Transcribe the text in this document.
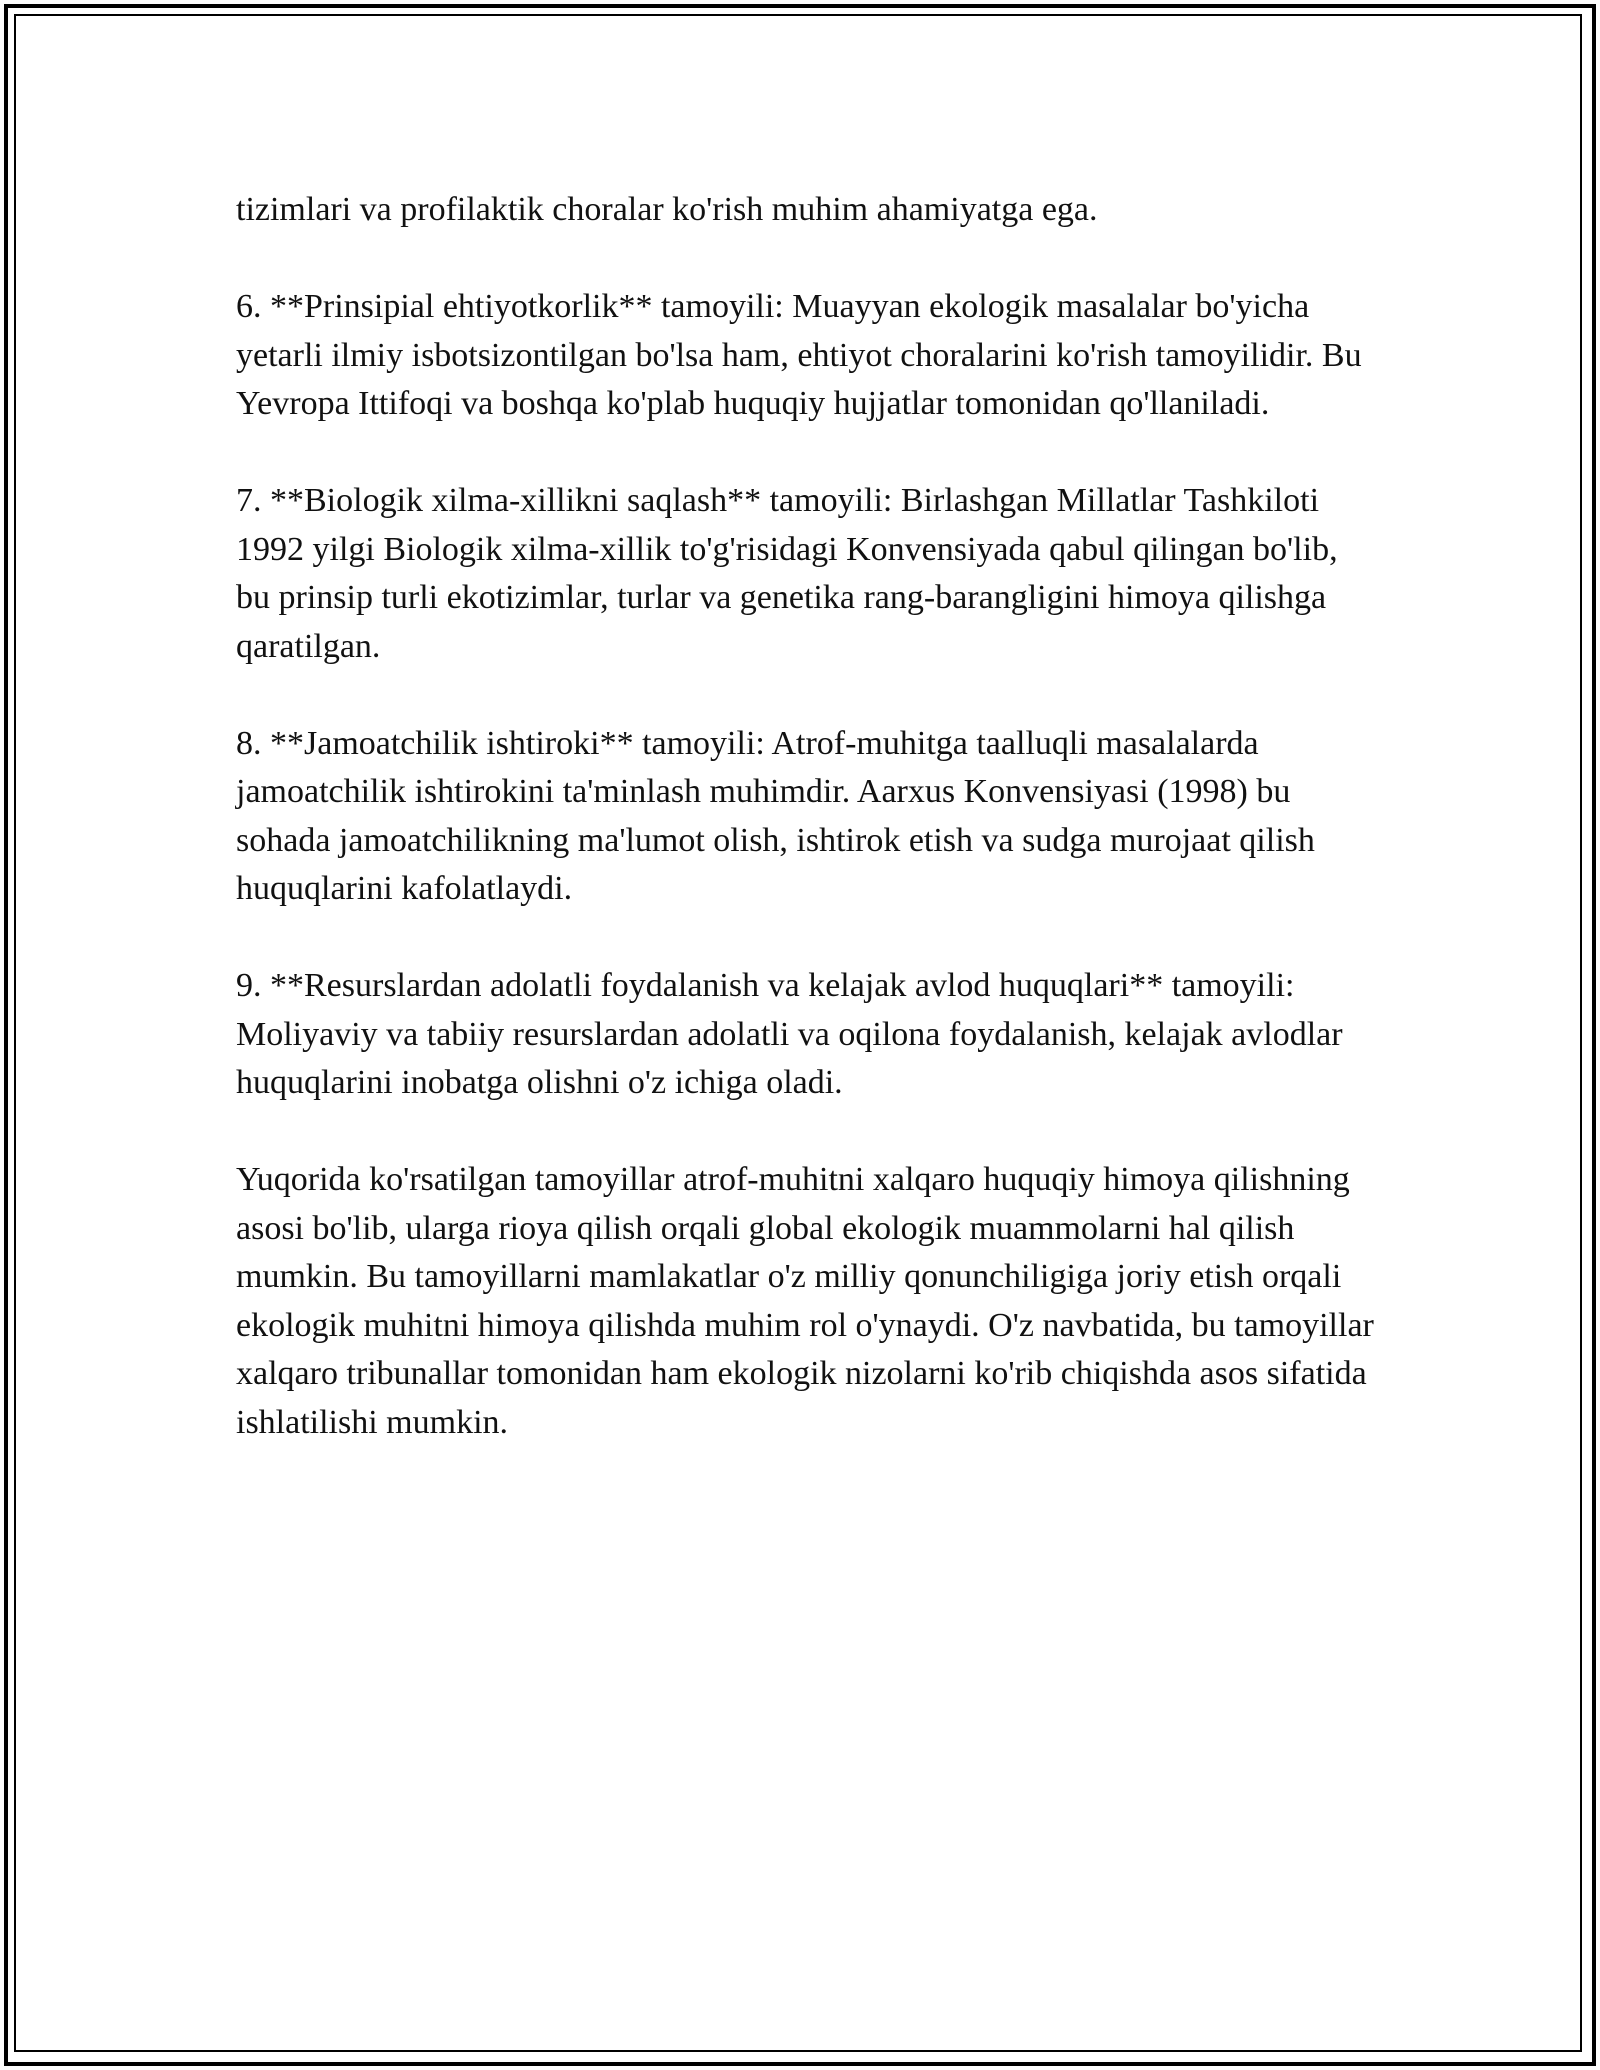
tizimlari va profilaktik choralar ko'rish muhim ahamiyatga ega.

6. **Prinsipial ehtiyotkorlik** tamoyili: Muayyan ekologik masalalar bo'yicha yetarli ilmiy isbotsizontilgan bo'lsa ham, ehtiyot choralarini ko'rish tamoyilidir. Bu Yevropa Ittifoqi va boshqa ko'plab huquqiy hujjatlar tomonidan qo'llaniladi.

7. **Biologik xilma-xillikni saqlash** tamoyili: Birlashgan Millatlar Tashkiloti 1992 yilgi Biologik xilma-xillik to'g'risidagi Konvensiyada qabul qilingan bo'lib, bu prinsip turli ekotizimlar, turlar va genetika rang-barangligini himoya qilishga qaratilgan.

8. **Jamoatchilik ishtiroki** tamoyili: Atrof-muhitga taalluqli masalalarda jamoatchilik ishtirokini ta'minlash muhimdir. Aarxus Konvensiyasi (1998) bu sohada jamoatchilikning ma'lumot olish, ishtirok etish va sudga murojaat qilish huquqlarini kafolatlaydi.

9. **Resurslardan adolatli foydalanish va kelajak avlod huquqlari** tamoyili: Moliyaviy va tabiiy resurslardan adolatli va oqilona foydalanish, kelajak avlodlar huquqlarini inobatga olishni o'z ichiga oladi.

Yuqorida ko'rsatilgan tamoyillar atrof-muhitni xalqaro huquqiy himoya qilishning asosi bo'lib, ularga rioya qilish orqali global ekologik muammolarni hal qilish mumkin. Bu tamoyillarni mamlakatlar o'z milliy qonunchiligiga joriy etish orqali ekologik muhitni himoya qilishda muhim rol o'ynaydi. O'z navbatida, bu tamoyillar xalqaro tribunallar tomonidan ham ekologik nizolarni ko'rib chiqishda asos sifatida ishlatilishi mumkin.
